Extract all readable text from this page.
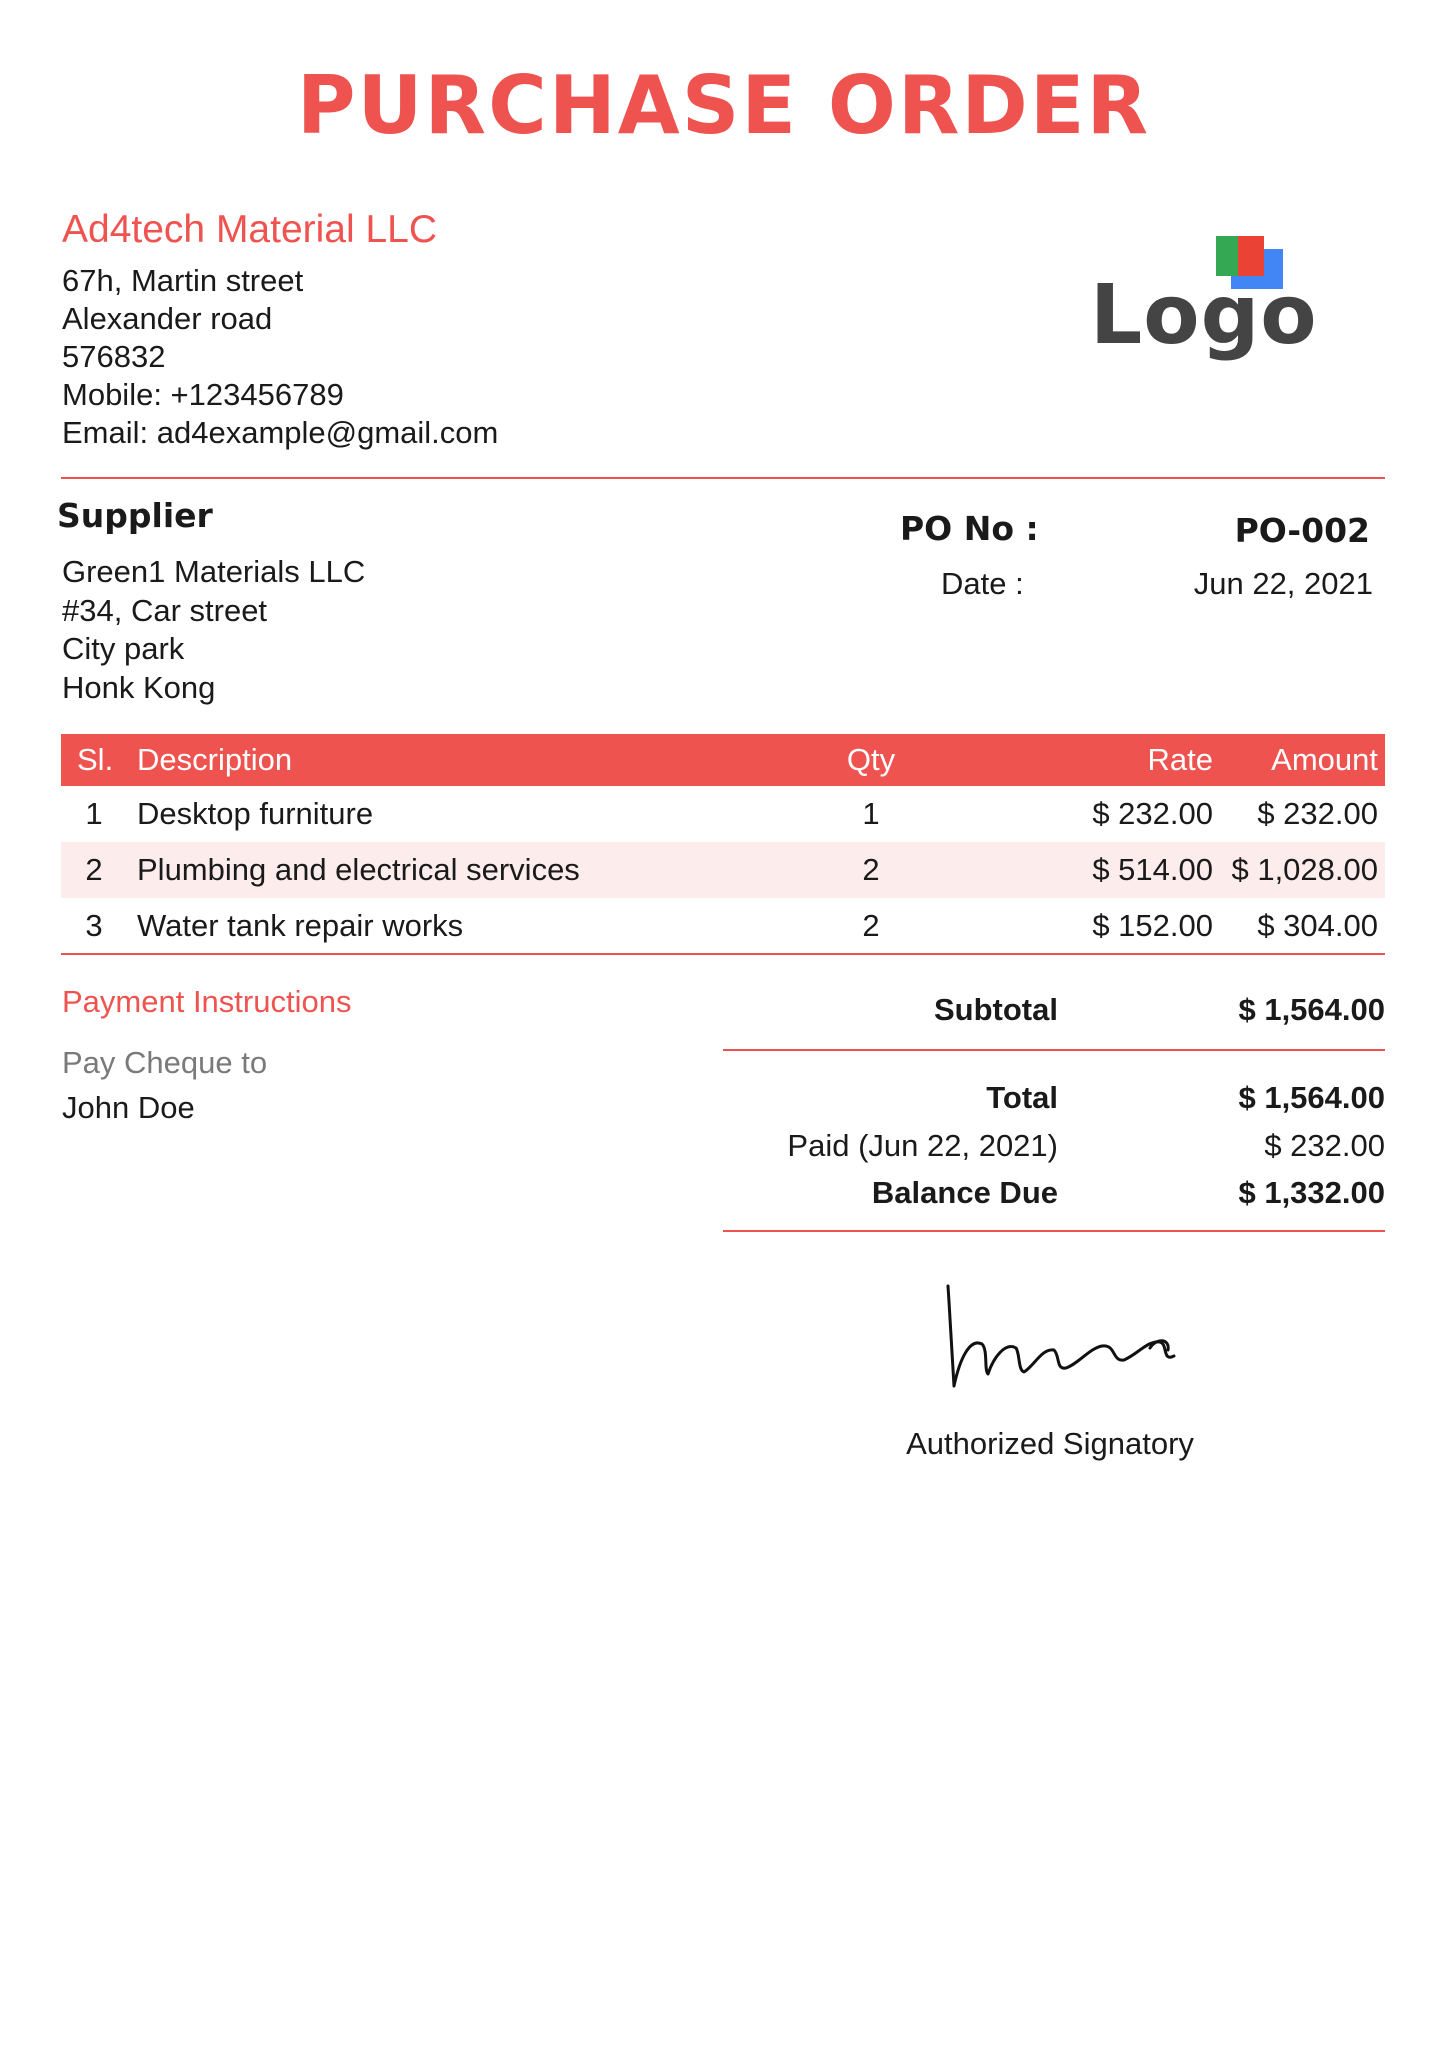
PURCHASE ORDER
Ad4tech Material LLC
67h, Martin street
Alexander road
576832
Mobile: +123456789
Email: ad4example@gmail.com
Logo
Supplier
Green1 Materials LLC
#34, Car street
City park
Honk Kong
PO No :	PO-002
Date :	Jun 22, 2021
Sl. Description	Qty	Rate	Amount
1	Desktop furniture	1	$ 232.00	$ 232.00
2	Plumbing and electrical services	2	$ 514.00 $ 1,028.00
3	Water tank repair works	2	$ 152.00	$ 304.00
Payment Instructions
Pay Cheque to
John Doe
Subtotal	$ 1,564.00
Total	$ 1,564.00
Paid (Jun 22, 2021)	$ 232.00
Balance Due	$ 1,332.00
Authorized Signatory
